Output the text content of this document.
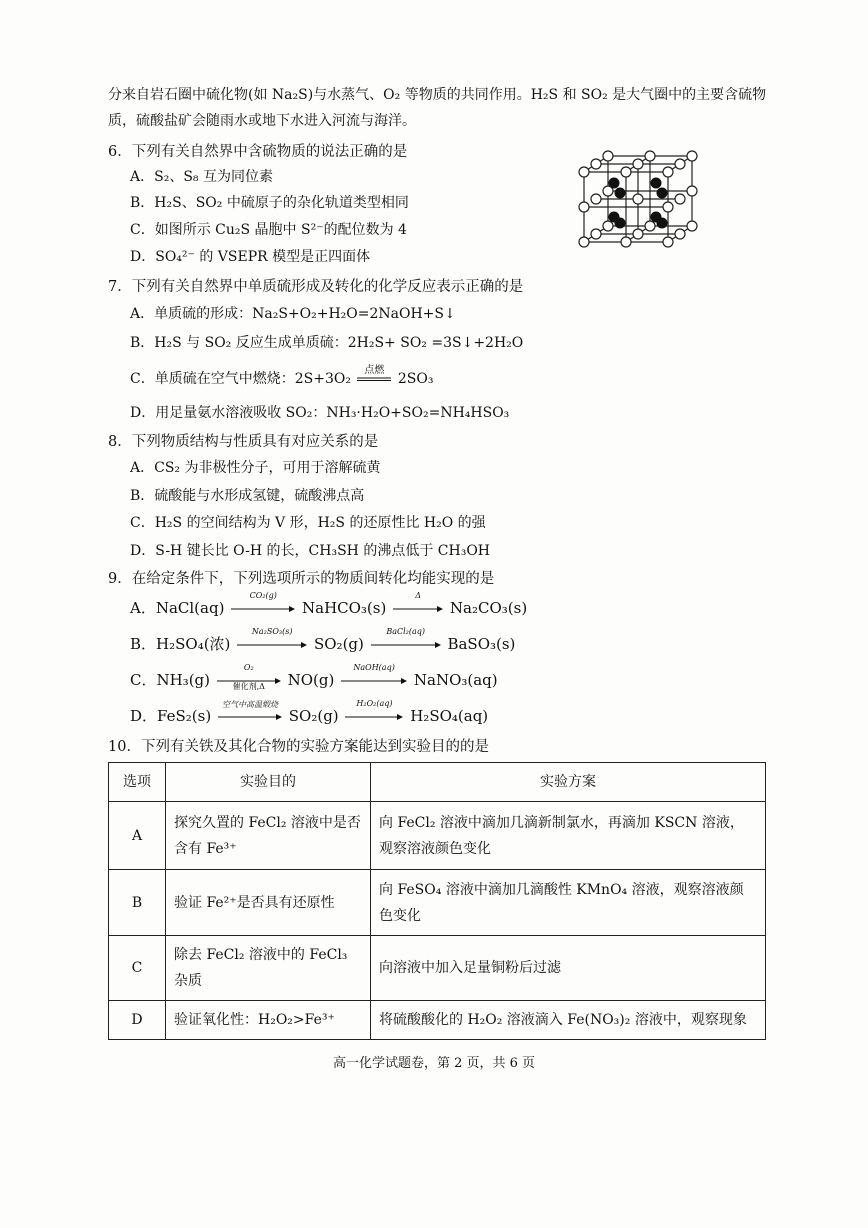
分来自岩石圈中硫化物(如 Na₂S)与水蒸气、O₂ 等物质的共同作用。H₂S 和 SO₂ 是大气圈中的主要含硫物
质，硫酸盐矿会随雨水或地下水进入河流与海洋。
6．下列有关自然界中含硫物质的说法正确的是
A．S₂、S₈ 互为同位素
B．H₂S、SO₂ 中硫原子的杂化轨道类型相同
C．如图所示 Cu₂S 晶胞中 S²⁻的配位数为 4
D．SO₄²⁻ 的 VSEPR 模型是正四面体
7．下列有关自然界中单质硫形成及转化的化学反应表示正确的是
A．单质硫的形成：Na₂S+O₂+H₂O=2NaOH+S↓
B．H₂S 与 SO₂ 反应生成单质硫：2H₂S+ SO₂ =3S↓+2H₂O
C．单质硫在空气中燃烧：2S+3O₂
点燃
2SO₃
D．用足量氨水溶液吸收 SO₂：NH₃·H₂O+SO₂=NH₄HSO₃
8．下列物质结构与性质具有对应关系的是
A．CS₂ 为非极性分子，可用于溶解硫黄
B．硫酸能与水形成氢键，硫酸沸点高
C．H₂S 的空间结构为 V 形，H₂S 的还原性比 H₂O 的强
D．S-H 键长比 O-H 的长，CH₃SH 的沸点低于 CH₃OH
9．在给定条件下，下列选项所示的物质间转化均能实现的是
A．NaCl(aq)
CO₂(g)
NaHCO₃(s)
Δ
Na₂CO₃(s)
B．H₂SO₄(浓)
Na₂SO₃(s)
SO₂(g)
BaCl₂(aq)
BaSO₃(s)
C．NH₃(g)
O₂
催化剂,Δ	NO(g)
NaOH(aq)
NaNO₃(aq)
D．FeS₂(s)
空气中高温煅烧
SO₂(g)
H₂O₂(aq)
H₂SO₄(aq)
10．下列有关铁及其化合物的实验方案能达到实验目的的是
选项	实验目的	实验方案
A	探究久置的 FeCl₂ 溶液中是否含有 Fe³⁺	向 FeCl₂ 溶液中滴加几滴新制氯水，再滴加 KSCN 溶液，观察溶液颜色变化
B	验证 Fe²⁺是否具有还原性	向 FeSO₄ 溶液中滴加几滴酸性 KMnO₄ 溶液，观察溶液颜色变化
C	除去 FeCl₂ 溶液中的 FeCl₃ 杂质	向溶液中加入足量铜粉后过滤
D	验证氧化性：H₂O₂>Fe³⁺	将硫酸酸化的 H₂O₂ 溶液滴入 Fe(NO₃)₂ 溶液中，观察现象
高一化学试题卷，第 2 页，共 6 页
